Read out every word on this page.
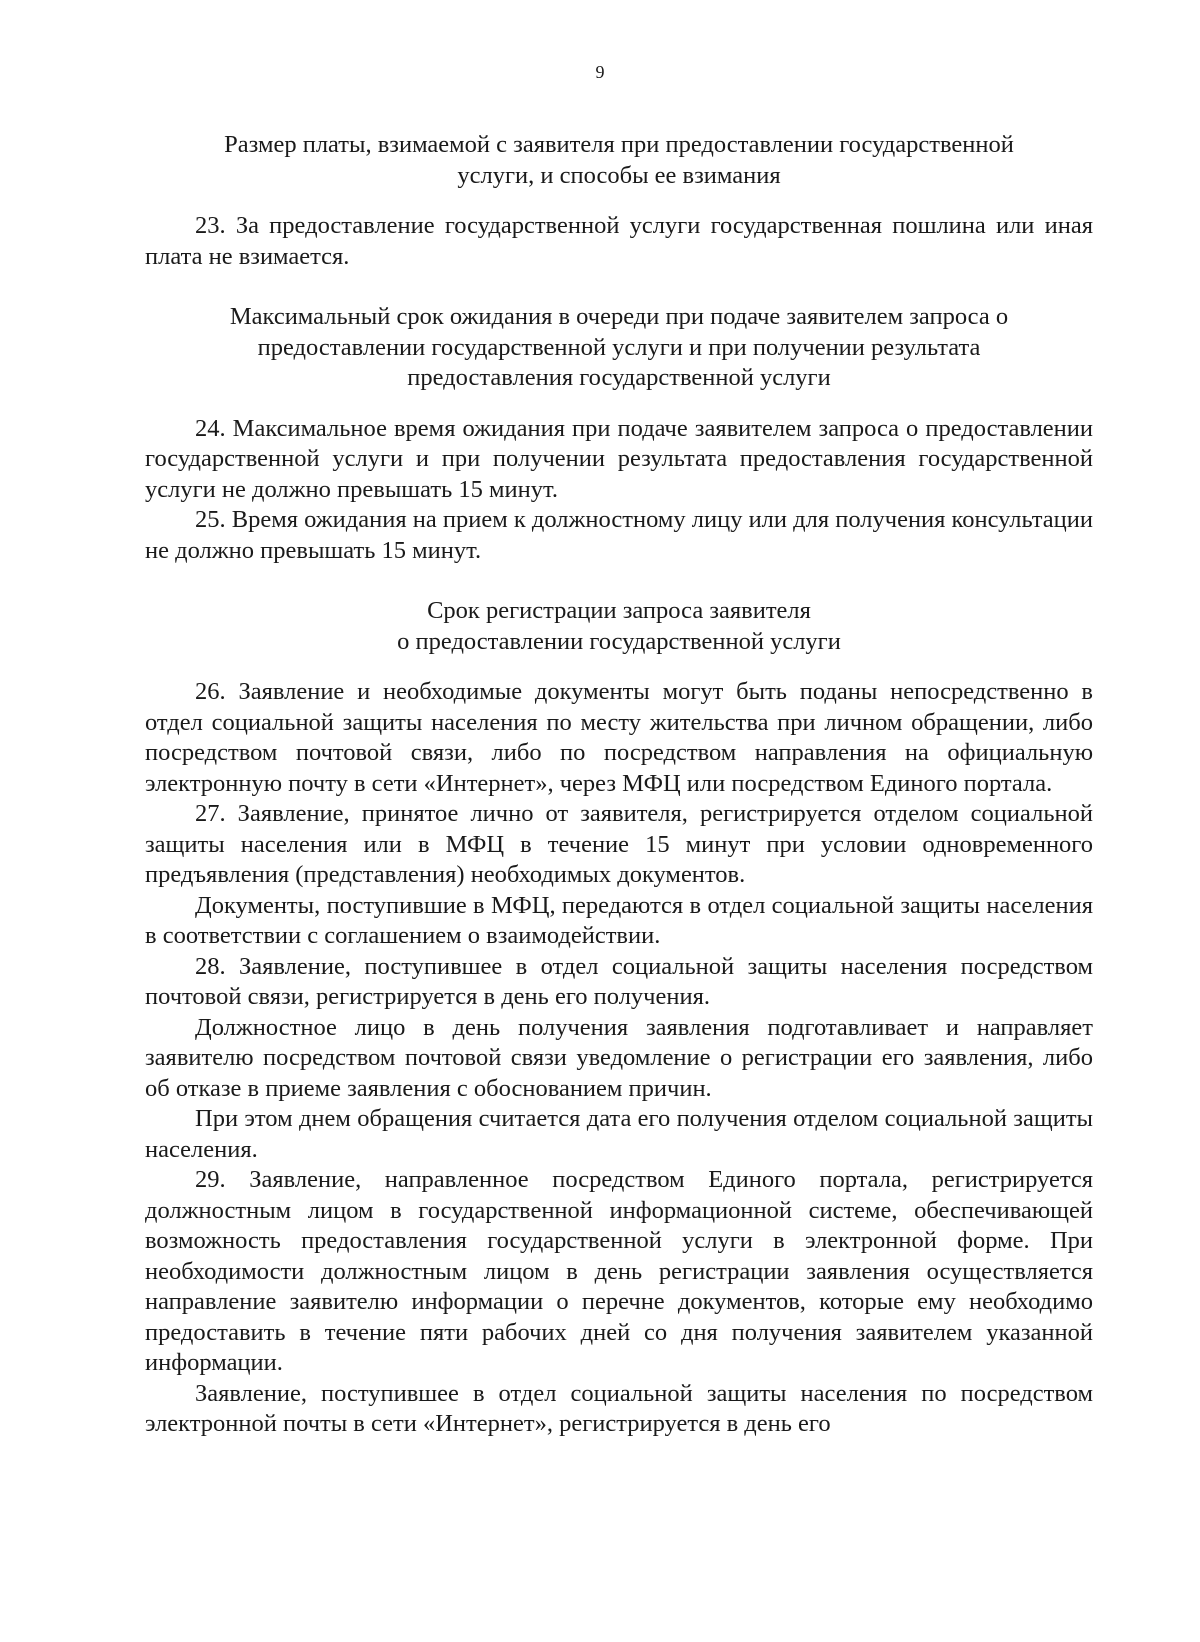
9
Размер платы, взимаемой с заявителя при предоставлении государственной
услуги, и способы ее взимания

23. За предоставление государственной услуги государственная пошлина или иная плата не взимается.

Максимальный срок ожидания в очереди при подаче заявителем запроса о
предоставлении государственной услуги и при получении результата
предоставления государственной услуги

24. Максимальное время ожидания при подаче заявителем запроса о предоставлении государственной услуги и при получении результата предоставления государственной услуги не должно превышать 15 минут.

25. Время ожидания на прием к должностному лицу или для получения консультации не должно превышать 15 минут.

Срок регистрации запроса заявителя
о предоставлении государственной услуги

26. Заявление и необходимые документы могут быть поданы непосредственно в отдел социальной защиты населения по месту жительства при личном обращении, либо посредством почтовой связи, либо по посредством направления на официальную электронную почту в сети «Интернет», через МФЦ или посредством Единого портала.

27. Заявление, принятое лично от заявителя, регистрируется отделом социальной защиты населения или в МФЦ в течение 15 минут при условии одновременного предъявления (представления) необходимых документов.

Документы, поступившие в МФЦ, передаются в отдел социальной защиты населения в соответствии с соглашением о взаимодействии.

28. Заявление, поступившее в отдел социальной защиты населения посредством почтовой связи, регистрируется в день его получения.

Должностное лицо в день получения заявления подготавливает и направляет заявителю посредством почтовой связи уведомление о регистрации его заявления, либо об отказе в приеме заявления с обоснованием причин.

При этом днем обращения считается дата его получения отделом социальной защиты населения.

29. Заявление, направленное посредством Единого портала, регистрируется должностным лицом в государственной информационной системе, обеспечивающей возможность предоставления государственной услуги в электронной форме. При необходимости должностным лицом в день регистрации заявления осуществляется направление заявителю информации о перечне документов, которые ему необходимо предоставить в течение пяти рабочих дней со дня получения заявителем указанной информации.

Заявление, поступившее в отдел социальной защиты населения по посредством электронной почты в сети «Интернет», регистрируется в день его
